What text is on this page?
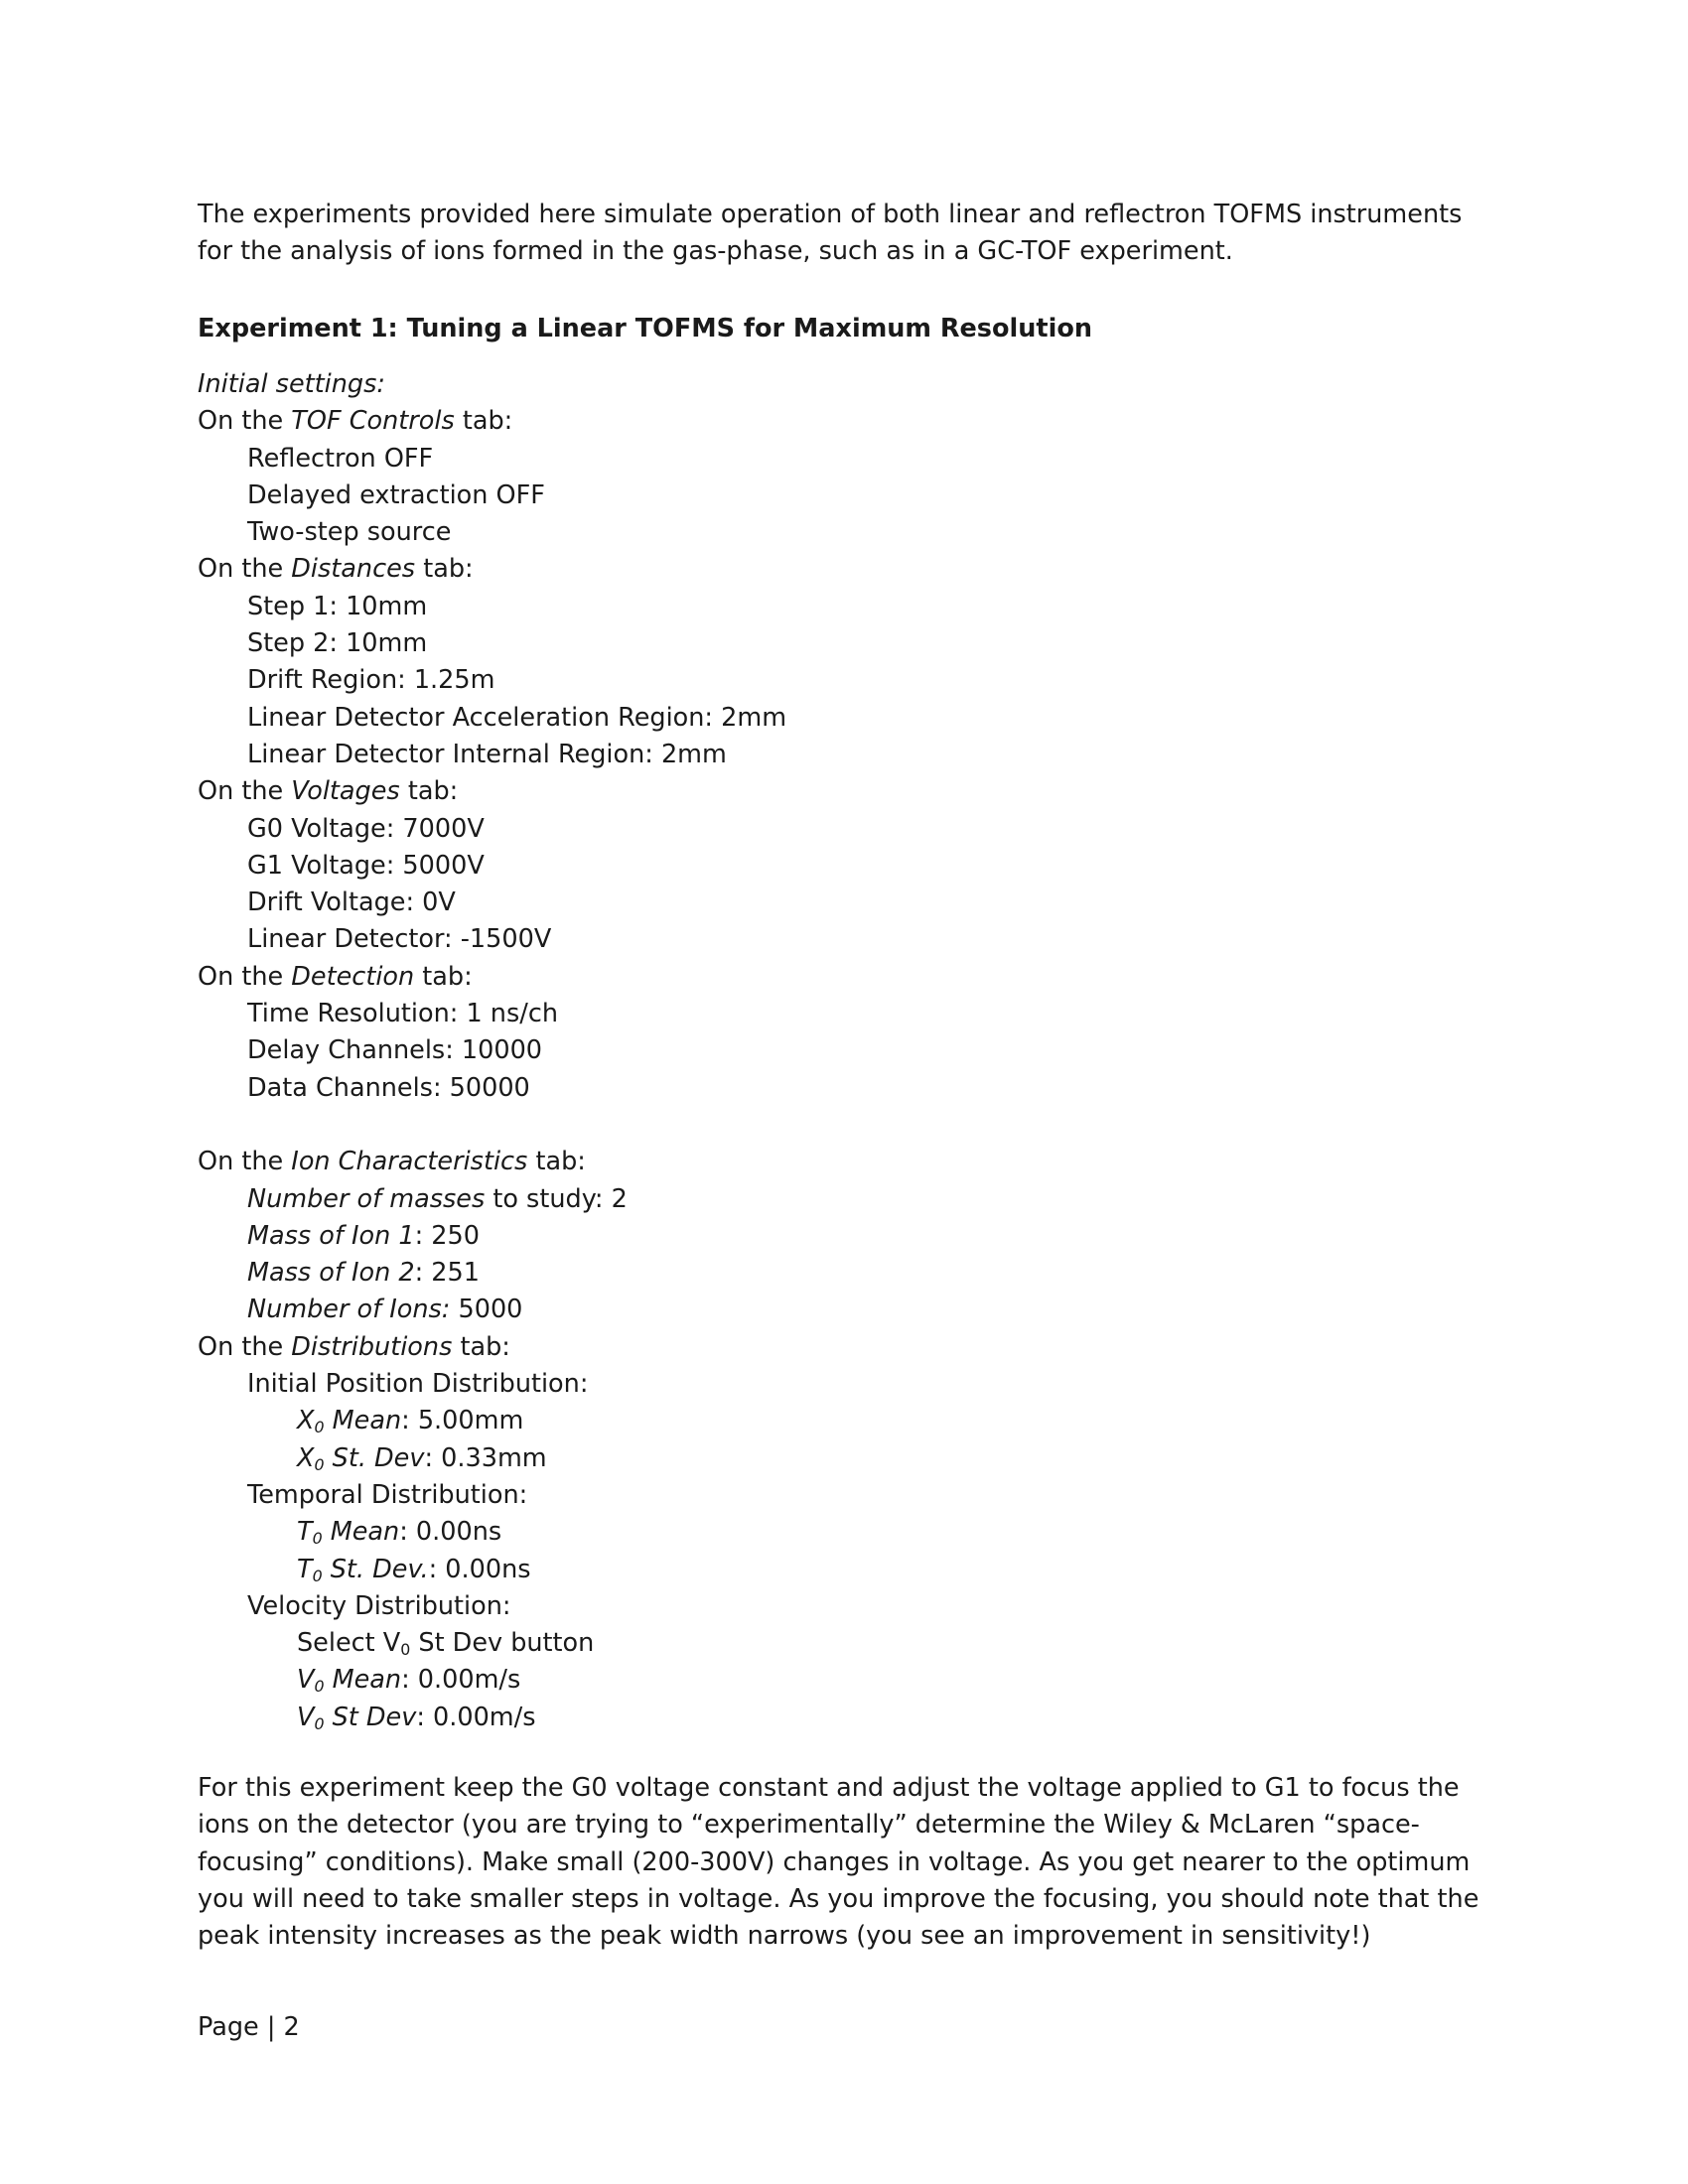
The experiments provided here simulate operation of both linear and reflectron TOFMS instruments for the analysis of ions formed in the gas-phase, such as in a GC-TOF experiment.

Experiment 1: Tuning a Linear TOFMS for Maximum Resolution

Initial settings:
On the TOF Controls tab:
Reflectron OFF
Delayed extraction OFF
Two-step source
On the Distances tab:
Step 1: 10mm
Step 2: 10mm
Drift Region: 1.25m
Linear Detector Acceleration Region: 2mm
Linear Detector Internal Region: 2mm
On the Voltages tab:
G0 Voltage: 7000V
G1 Voltage: 5000V
Drift Voltage: 0V
Linear Detector: -1500V
On the Detection tab:
Time Resolution: 1 ns/ch
Delay Channels: 10000
Data Channels: 50000
On the Ion Characteristics tab:
Number of masses to study: 2
Mass of Ion 1: 250
Mass of Ion 2: 251
Number of Ions: 5000
On the Distributions tab:
Initial Position Distribution:
$X_0$ Mean: 5.00mm
$X_0$ St. Dev: 0.33mm
Temporal Distribution:
$T_0$ Mean: 0.00ns
$T_0$ St. Dev.: 0.00ns
Velocity Distribution:
Select $V_0$ St Dev button
$V_0$ Mean: 0.00m/s
$V_0$ St Dev: 0.00m/s

For this experiment keep the G0 voltage constant and adjust the voltage applied to G1 to focus the ions on the detector (you are trying to “experimentally” determine the Wiley & McLaren “space-focusing” conditions). Make small (200-300V) changes in voltage. As you get nearer to the optimum you will need to take smaller steps in voltage. As you improve the focusing, you should note that the peak intensity increases as the peak width narrows (you see an improvement in sensitivity!)

Page | 2
